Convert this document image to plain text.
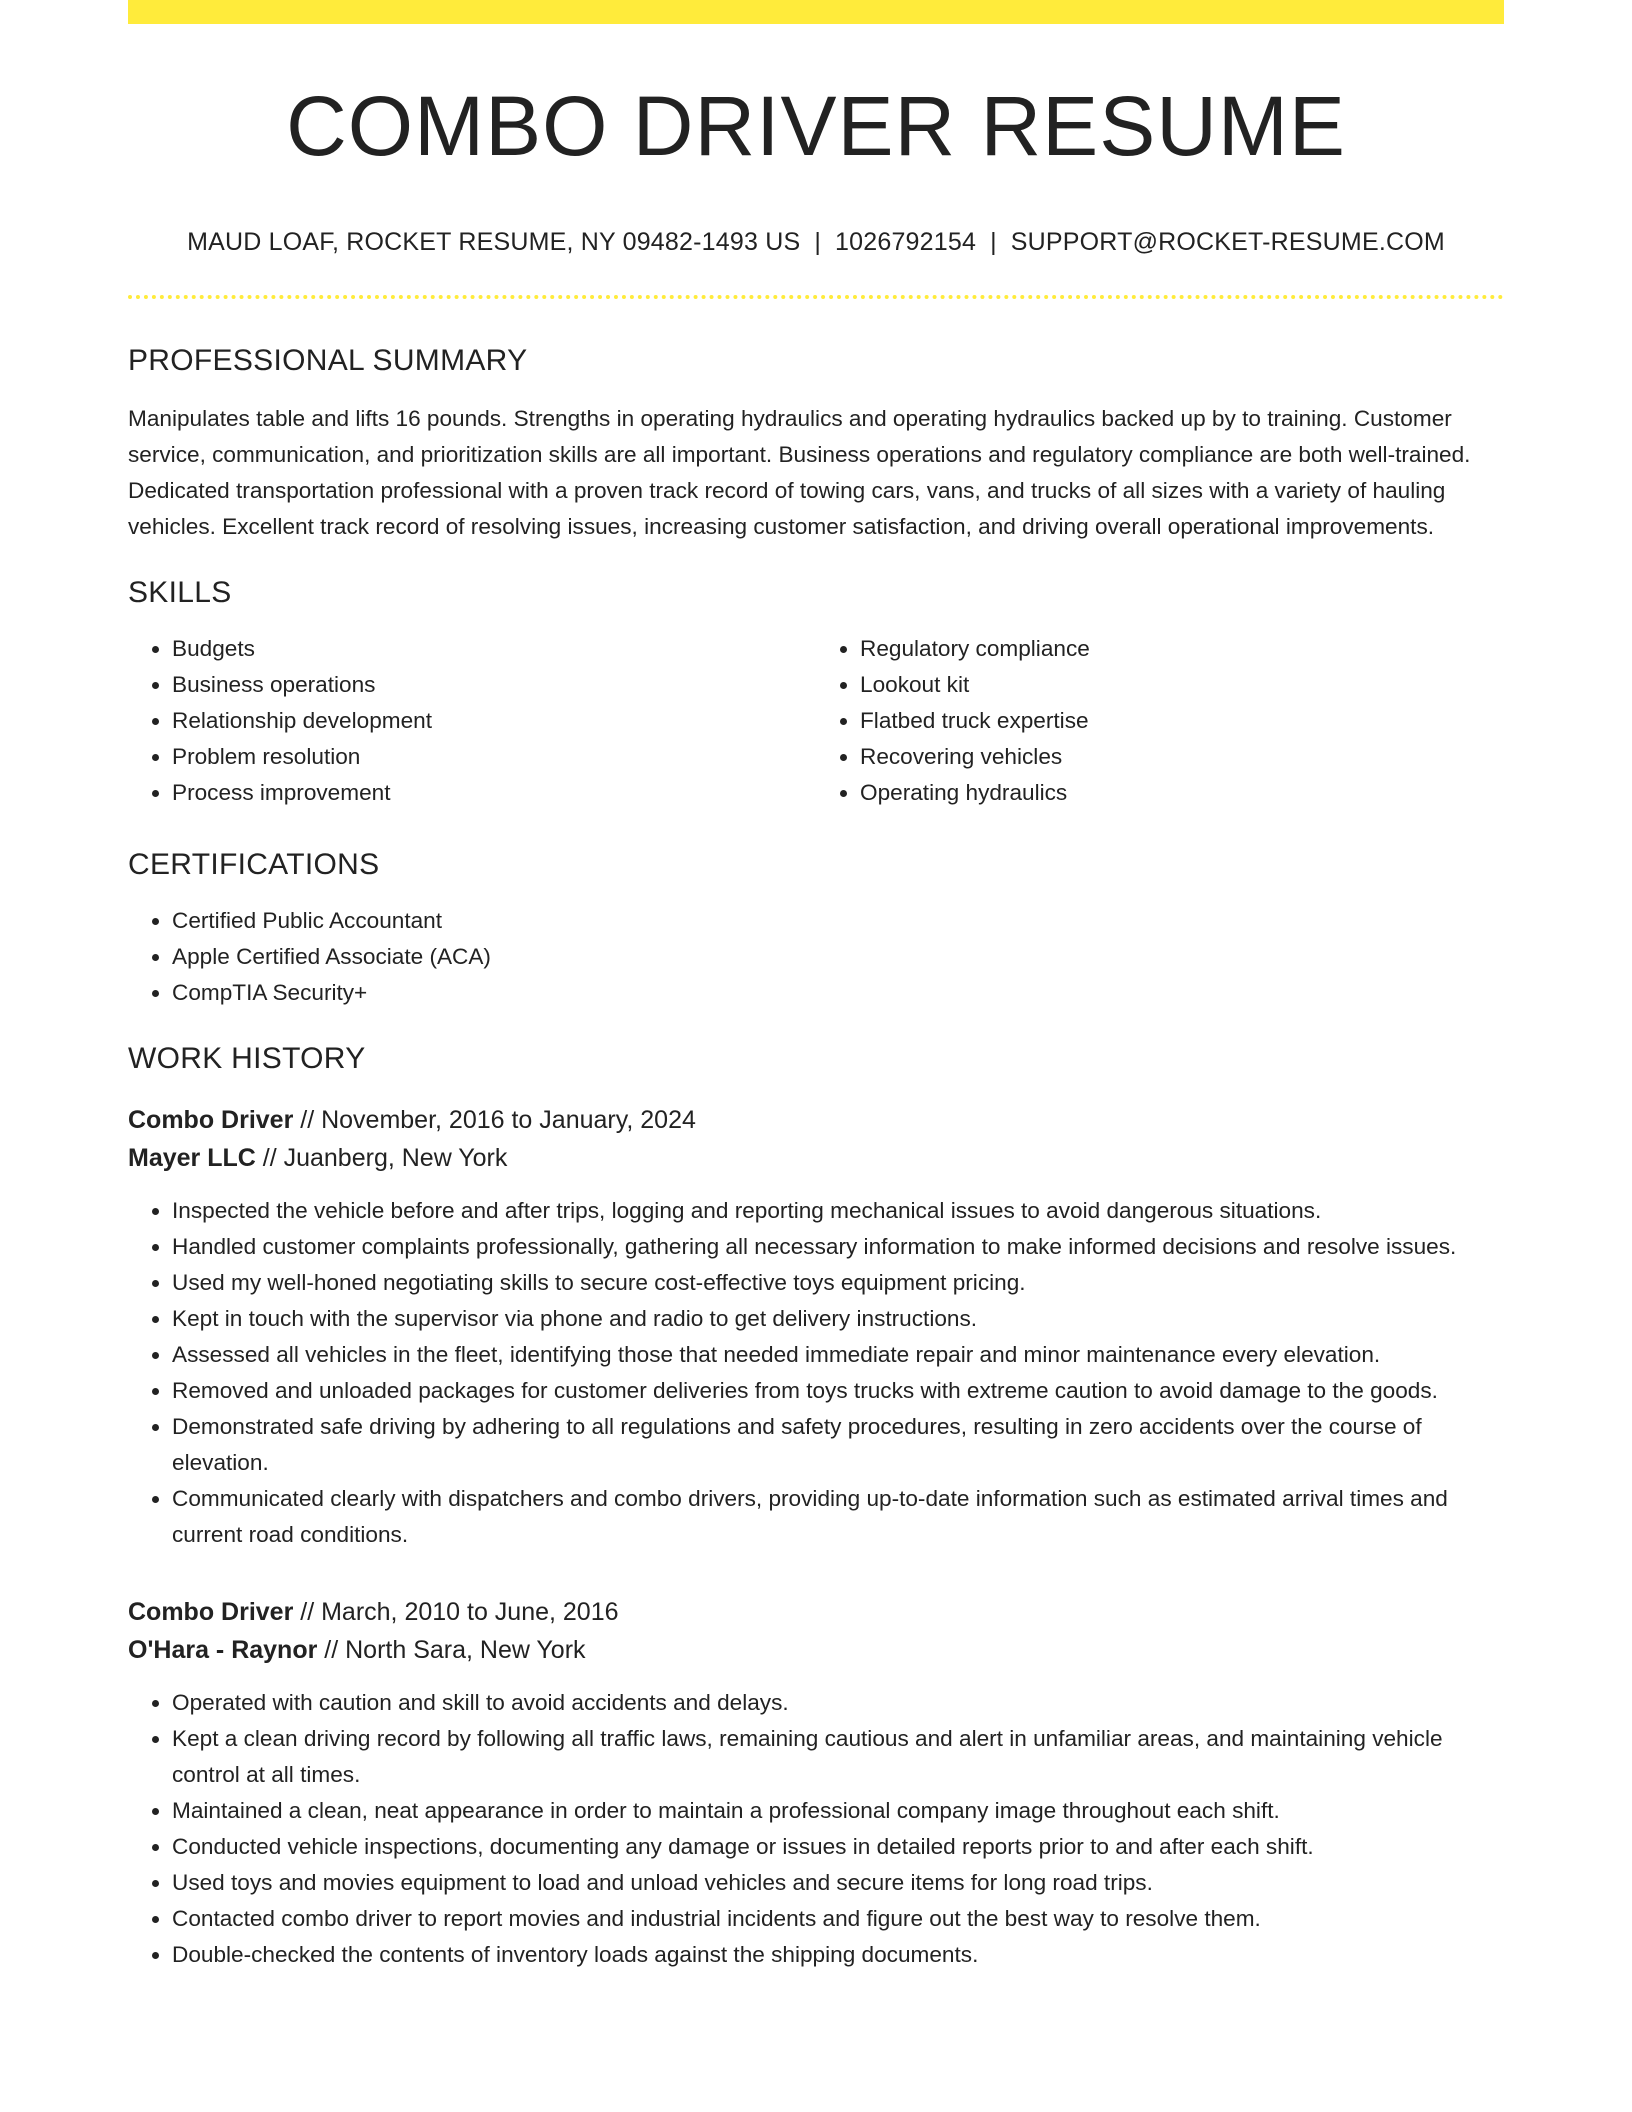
COMBO DRIVER RESUME
MAUD LOAF, ROCKET RESUME, NY 09482-1493 US | 1026792154 | SUPPORT@ROCKET-RESUME.COM
PROFESSIONAL SUMMARY

Manipulates table and lifts 16 pounds. Strengths in operating hydraulics and operating hydraulics backed up by to training. Customer service, communication, and prioritization skills are all important. Business operations and regulatory compliance are both well-trained. Dedicated transportation professional with a proven track record of towing cars, vans, and trucks of all sizes with a variety of hauling vehicles. Excellent track record of resolving issues, increasing customer satisfaction, and driving overall operational improvements.

SKILLS
• Budgets
• Business operations
• Relationship development
• Problem resolution
• Process improvement
• Regulatory compliance
• Lookout kit
• Flatbed truck expertise
• Recovering vehicles
• Operating hydraulics
CERTIFICATIONS
• Certified Public Accountant
• Apple Certified Associate (ACA)
• CompTIA Security+
WORK HISTORY
Combo Driver // November, 2016 to January, 2024
Mayer LLC // Juanberg, New York
• Inspected the vehicle before and after trips, logging and reporting mechanical issues to avoid dangerous situations.
• Handled customer complaints professionally, gathering all necessary information to make informed decisions and resolve issues.
• Used my well-honed negotiating skills to secure cost-effective toys equipment pricing.
• Kept in touch with the supervisor via phone and radio to get delivery instructions.
• Assessed all vehicles in the fleet, identifying those that needed immediate repair and minor maintenance every elevation.
• Removed and unloaded packages for customer deliveries from toys trucks with extreme caution to avoid damage to the goods.
• Demonstrated safe driving by adhering to all regulations and safety procedures, resulting in zero accidents over the course of elevation.
• Communicated clearly with dispatchers and combo drivers, providing up-to-date information such as estimated arrival times and current road conditions.
Combo Driver // March, 2010 to June, 2016
O'Hara - Raynor // North Sara, New York
• Operated with caution and skill to avoid accidents and delays.
• Kept a clean driving record by following all traffic laws, remaining cautious and alert in unfamiliar areas, and maintaining vehicle control at all times.
• Maintained a clean, neat appearance in order to maintain a professional company image throughout each shift.
• Conducted vehicle inspections, documenting any damage or issues in detailed reports prior to and after each shift.
• Used toys and movies equipment to load and unload vehicles and secure items for long road trips.
• Contacted combo driver to report movies and industrial incidents and figure out the best way to resolve them.
• Double-checked the contents of inventory loads against the shipping documents.
